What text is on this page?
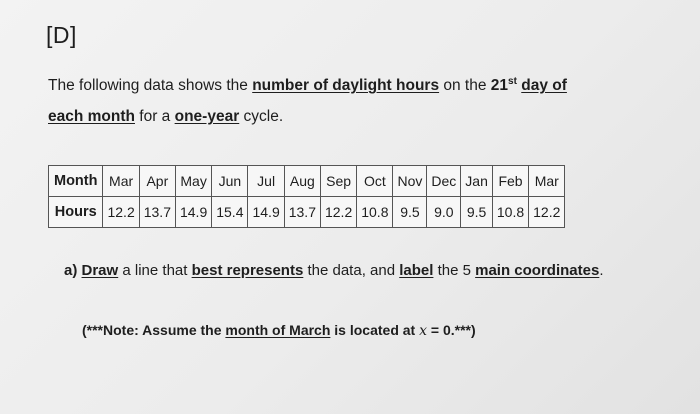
[D]
The following data shows the number of daylight hours on the 21st day of
each month for a one-year cycle.
Month	Mar	Apr	May	Jun	Jul	Aug	Sep	Oct	Nov	Dec	Jan	Feb	Mar
Hours	12.2	13.7	14.9	15.4	14.9	13.7	12.2	10.8	9.5	9.0	9.5	10.8	12.2
a) Draw a line that best represents the data, and label the 5 main coordinates.
(***Note: Assume the month of March is located at x = 0.***)
